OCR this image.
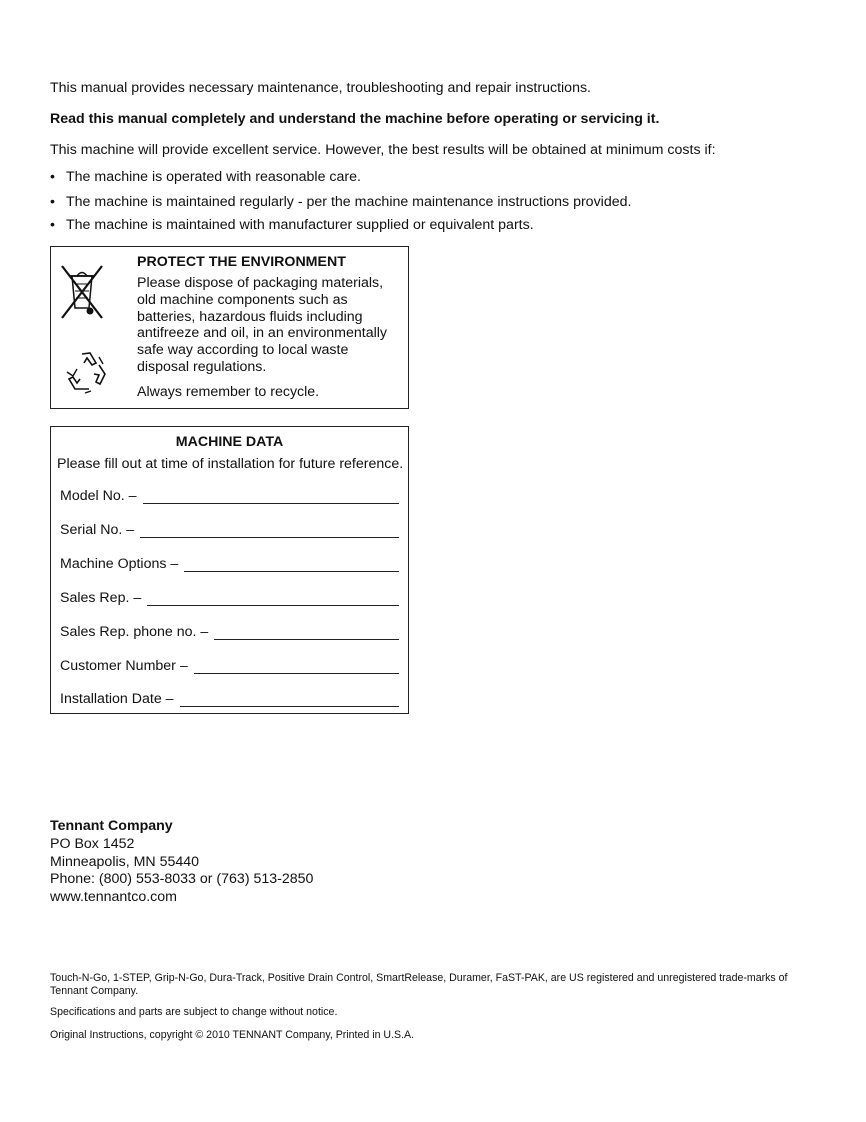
This manual provides necessary maintenance, troubleshooting and repair instructions.
Read this manual completely and understand the machine before operating or servicing it.
This machine will provide excellent service. However, the best results will be obtained at minimum costs if:
• The machine is operated with reasonable care.
• The machine is maintained regularly - per the machine maintenance instructions provided.
• The machine is maintained with manufacturer supplied or equivalent parts.
PROTECT THE ENVIRONMENT
Please dispose of packaging materials, old machine components such as batteries, hazardous fluids including antifreeze and oil, in an environmentally safe way according to local waste disposal regulations.
Always remember to recycle.
MACHINE DATA
Please fill out at time of installation for future reference.
Model No. –
Serial No. –
Machine Options –
Sales Rep. –
Sales Rep. phone no. –
Customer Number –
Installation Date –
Tennant Company
PO Box 1452
Minneapolis, MN 55440
Phone: (800) 553-8033 or (763) 513-2850
www.tennantco.com
Touch-N-Go, 1-STEP, Grip-N-Go, Dura-Track, Positive Drain Control, SmartRelease, Duramer, FaST-PAK, are US registered and unregistered trade-marks of Tennant Company.
Specifications and parts are subject to change without notice.
Original Instructions, copyright © 2010 TENNANT Company, Printed in U.S.A.
